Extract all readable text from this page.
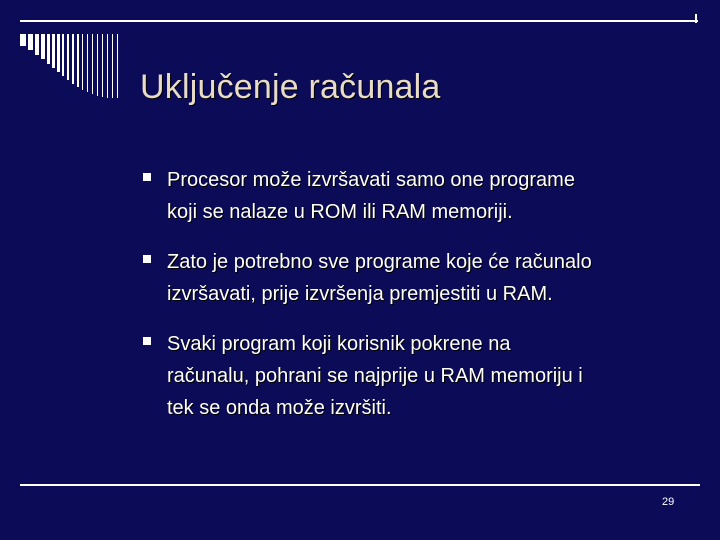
Uključenje računala
Procesor može izvršavati samo one programe
koji se nalaze u ROM ili RAM memoriji.
Zato je potrebno sve programe koje će računalo
izvršavati, prije izvršenja premjestiti u RAM.
Svaki program koji korisnik pokrene na
računalu, pohrani se najprije u RAM memoriju i
tek se onda može izvršiti.
29
